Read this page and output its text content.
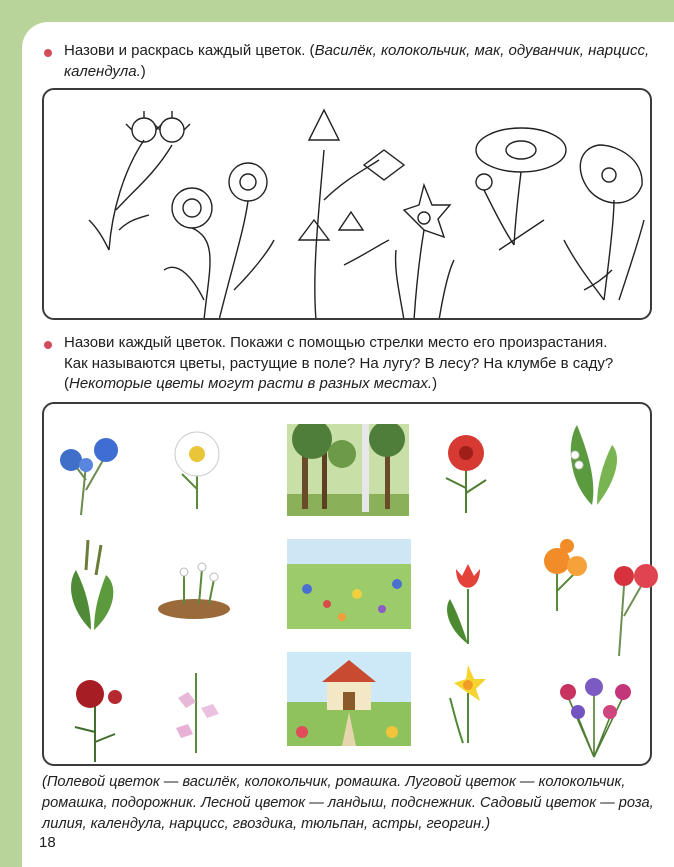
Назови и раскрась каждый цветок. (Василёк, колокольчик, мак, одуванчик, нарцисс, календула.)

Назови каждый цветок. Покажи с помощью стрелки место его произрастания.
Как называются цветы, растущие в поле? На лугу? В лесу? На клумбе в саду?
(Некоторые цветы могут расти в разных местах.)

(Полевой цветок — василёк, колокольчик, ромашка. Луговой цветок — колокольчик, ромашка, подорожник. Лесной цветок — ландыш, подснежник. Садовый цветок — роза, лилия, календула, нарцисс, гвоздика, тюльпан, астры, георгин.)

18
